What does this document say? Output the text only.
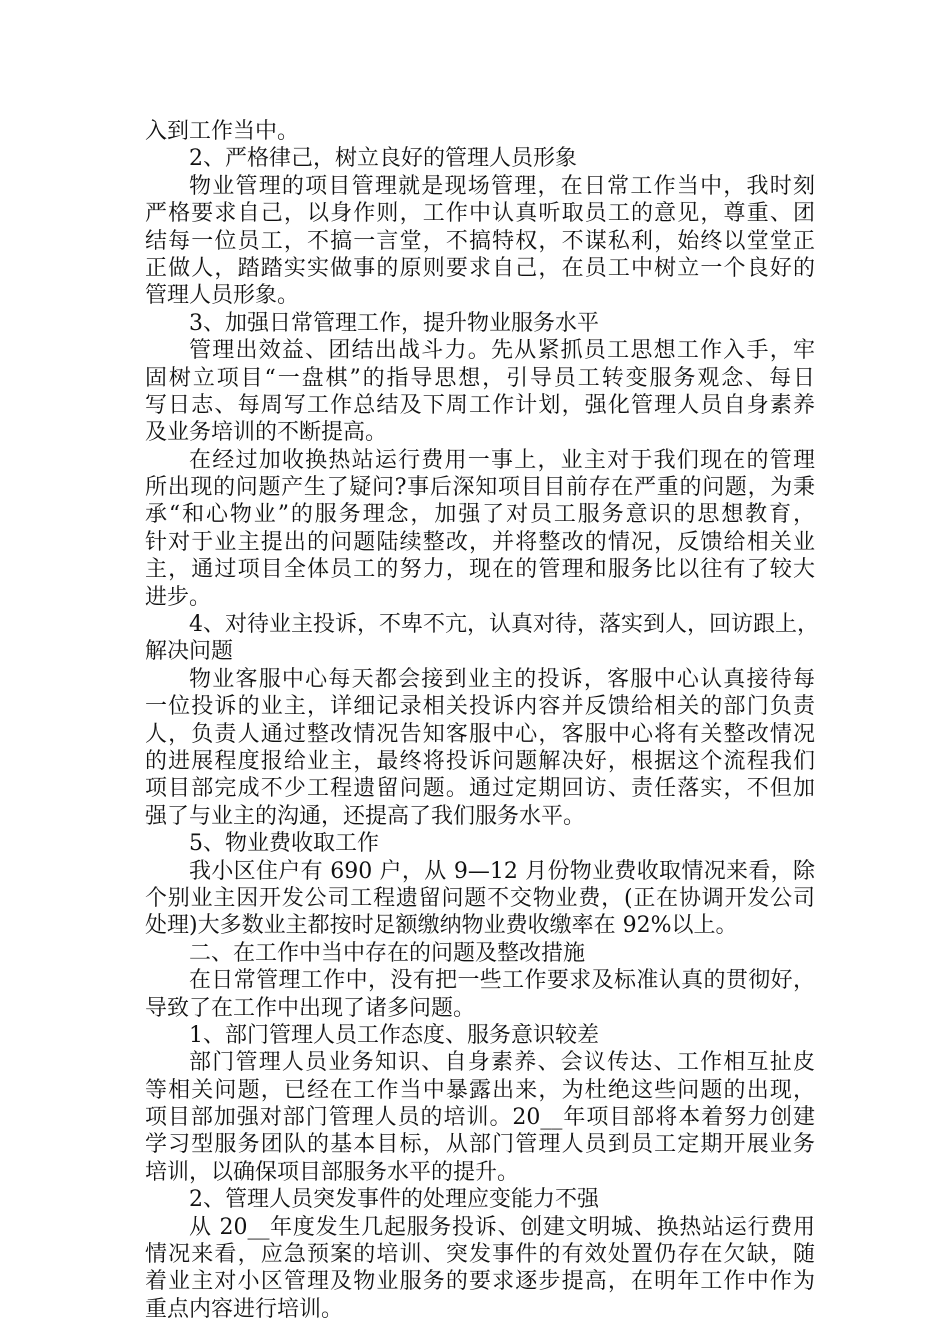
入到工作当中。
2、严格律己，树立良好的管理人员形象
物业管理的项目管理就是现场管理，在日常工作当中，我时刻
严格要求自己，以身作则，工作中认真听取员工的意见，尊重、团
结每一位员工，不搞一言堂，不搞特权，不谋私利，始终以堂堂正
正做人，踏踏实实做事的原则要求自己，在员工中树立一个良好的
管理人员形象。
3、加强日常管理工作，提升物业服务水平
管理出效益、团结出战斗力。先从紧抓员工思想工作入手，牢
固树立项目“一盘棋”的指导思想，引导员工转变服务观念、每日
写日志、每周写工作总结及下周工作计划，强化管理人员自身素养
及业务培训的不断提高。
在经过加收换热站运行费用一事上，业主对于我们现在的管理
所出现的问题产生了疑问?事后深知项目目前存在严重的问题，为秉
承“和心物业”的服务理念，加强了对员工服务意识的思想教育，
针对于业主提出的问题陆续整改，并将整改的情况，反馈给相关业
主，通过项目全体员工的努力，现在的管理和服务比以往有了较大
进步。
4、对待业主投诉，不卑不亢，认真对待，落实到人，回访跟上，
解决问题
物业客服中心每天都会接到业主的投诉，客服中心认真接待每
一位投诉的业主，详细记录相关投诉内容并反馈给相关的部门负责
人，负责人通过整改情况告知客服中心，客服中心将有关整改情况
的进展程度报给业主，最终将投诉问题解决好，根据这个流程我们
项目部完成不少工程遗留问题。通过定期回访、责任落实，不但加
强了与业主的沟通，还提高了我们服务水平。
5、物业费收取工作
我小区住户有 690 户，从 9—12 月份物业费收取情况来看，除
个别业主因开发公司工程遗留问题不交物业费，(正在协调开发公司
处理)大多数业主都按时足额缴纳物业费收缴率在 92%以上。
二、在工作中当中存在的问题及整改措施
在日常管理工作中，没有把一些工作要求及标准认真的贯彻好，
导致了在工作中出现了诸多问题。
1、部门管理人员工作态度、服务意识较差
部门管理人员业务知识、自身素养、会议传达、工作相互扯皮
等相关问题，已经在工作当中暴露出来，为杜绝这些问题的出现，
项目部加强对部门管理人员的培训。20__年项目部将本着努力创建
学习型服务团队的基本目标，从部门管理人员到员工定期开展业务
培训，以确保项目部服务水平的提升。
2、管理人员突发事件的处理应变能力不强
从 20__年度发生几起服务投诉、创建文明城、换热站运行费用
情况来看，应急预案的培训、突发事件的有效处置仍存在欠缺，随
着业主对小区管理及物业服务的要求逐步提高，在明年工作中作为
重点内容进行培训。
